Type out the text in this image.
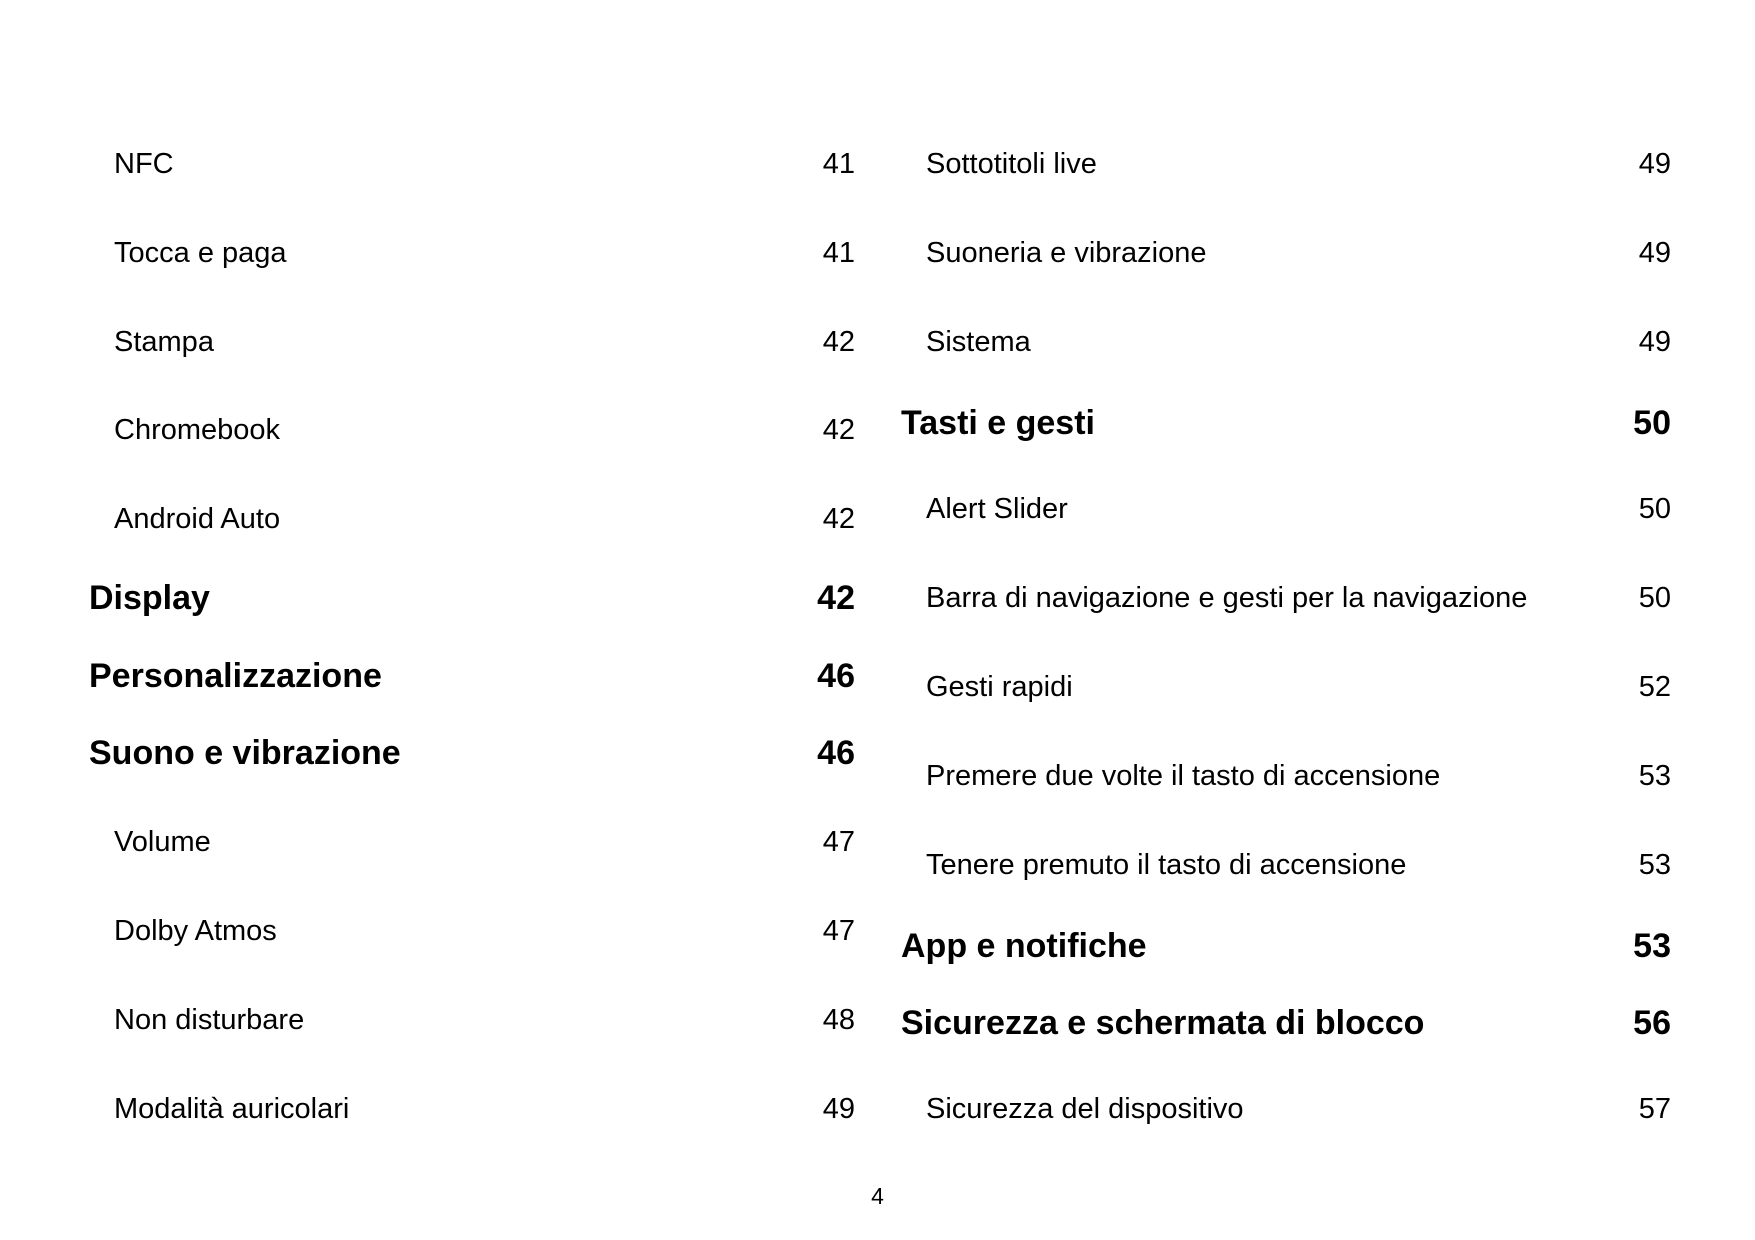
NFC	41
Tocca e paga	41
Stampa	42
Chromebook	42
Android Auto	42
Display	42
Personalizzazione	46
Suono e vibrazione	46
Volume	47
Dolby Atmos	47
Non disturbare	48
Modalità auricolari	49
Sottotitoli live	49
Suoneria e vibrazione	49
Sistema	49
Tasti e gesti	50
Alert Slider	50
Barra di navigazione e gesti per la navigazione	50
Gesti rapidi	52
Premere due volte il tasto di accensione	53
Tenere premuto il tasto di accensione	53
App e notifiche	53
Sicurezza e schermata di blocco	56
Sicurezza del dispositivo	57
4
